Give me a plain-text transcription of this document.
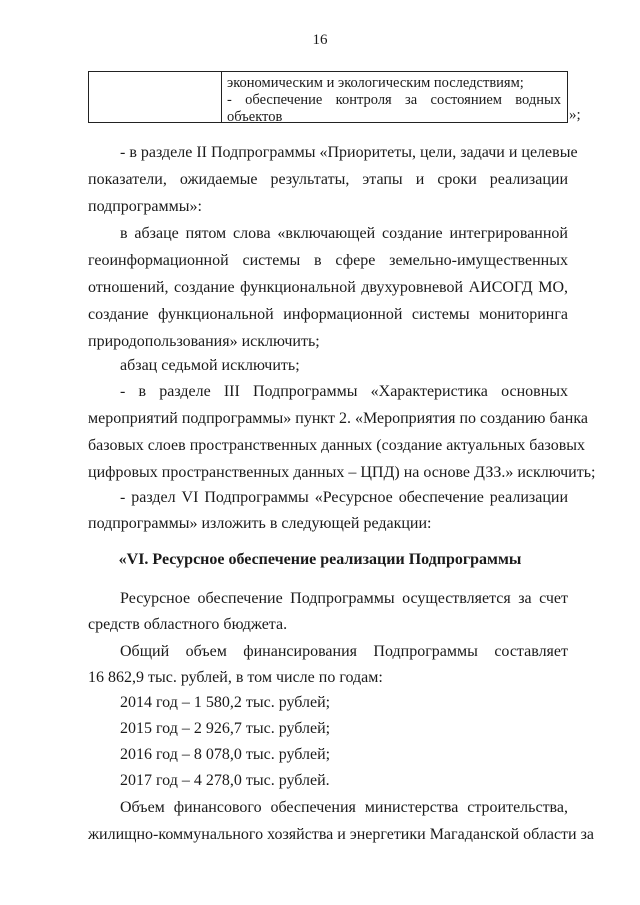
16
экономическим и экологическим последствиям;
- обеспечение контроля за состоянием водных
объектов	»;
- в разделе II Подпрограммы «Приоритеты, цели, задачи и целевые
показатели, ожидаемые результаты, этапы и сроки реализации
подпрограммы»:
в абзаце пятом слова «включающей создание интегрированной
геоинформационной системы в сфере земельно-имущественных
отношений, создание функциональной двухуровневой АИСОГД МО,
создание функциональной информационной системы мониторинга
природопользования» исключить;
абзац седьмой исключить;
- в разделе III Подпрограммы «Характеристика основных
мероприятий подпрограммы» пункт 2. «Мероприятия по созданию банка
базовых слоев пространственных данных (создание актуальных базовых
цифровых пространственных данных – ЦПД) на основе ДЗЗ.» исключить;
- раздел VI Подпрограммы «Ресурсное обеспечение реализации
подпрограммы» изложить в следующей редакции:
«VI. Ресурсное обеспечение реализации Подпрограммы
Ресурсное обеспечение Подпрограммы осуществляется за счет
средств областного бюджета.
Общий объем финансирования Подпрограммы составляет
16 862,9 тыс. рублей, в том числе по годам:
2014 год – 1 580,2 тыс. рублей;
2015 год – 2 926,7 тыс. рублей;
2016 год – 8 078,0 тыс. рублей;
2017 год – 4 278,0 тыс. рублей.
Объем финансового обеспечения министерства строительства,
жилищно-коммунального хозяйства и энергетики Магаданской области за
